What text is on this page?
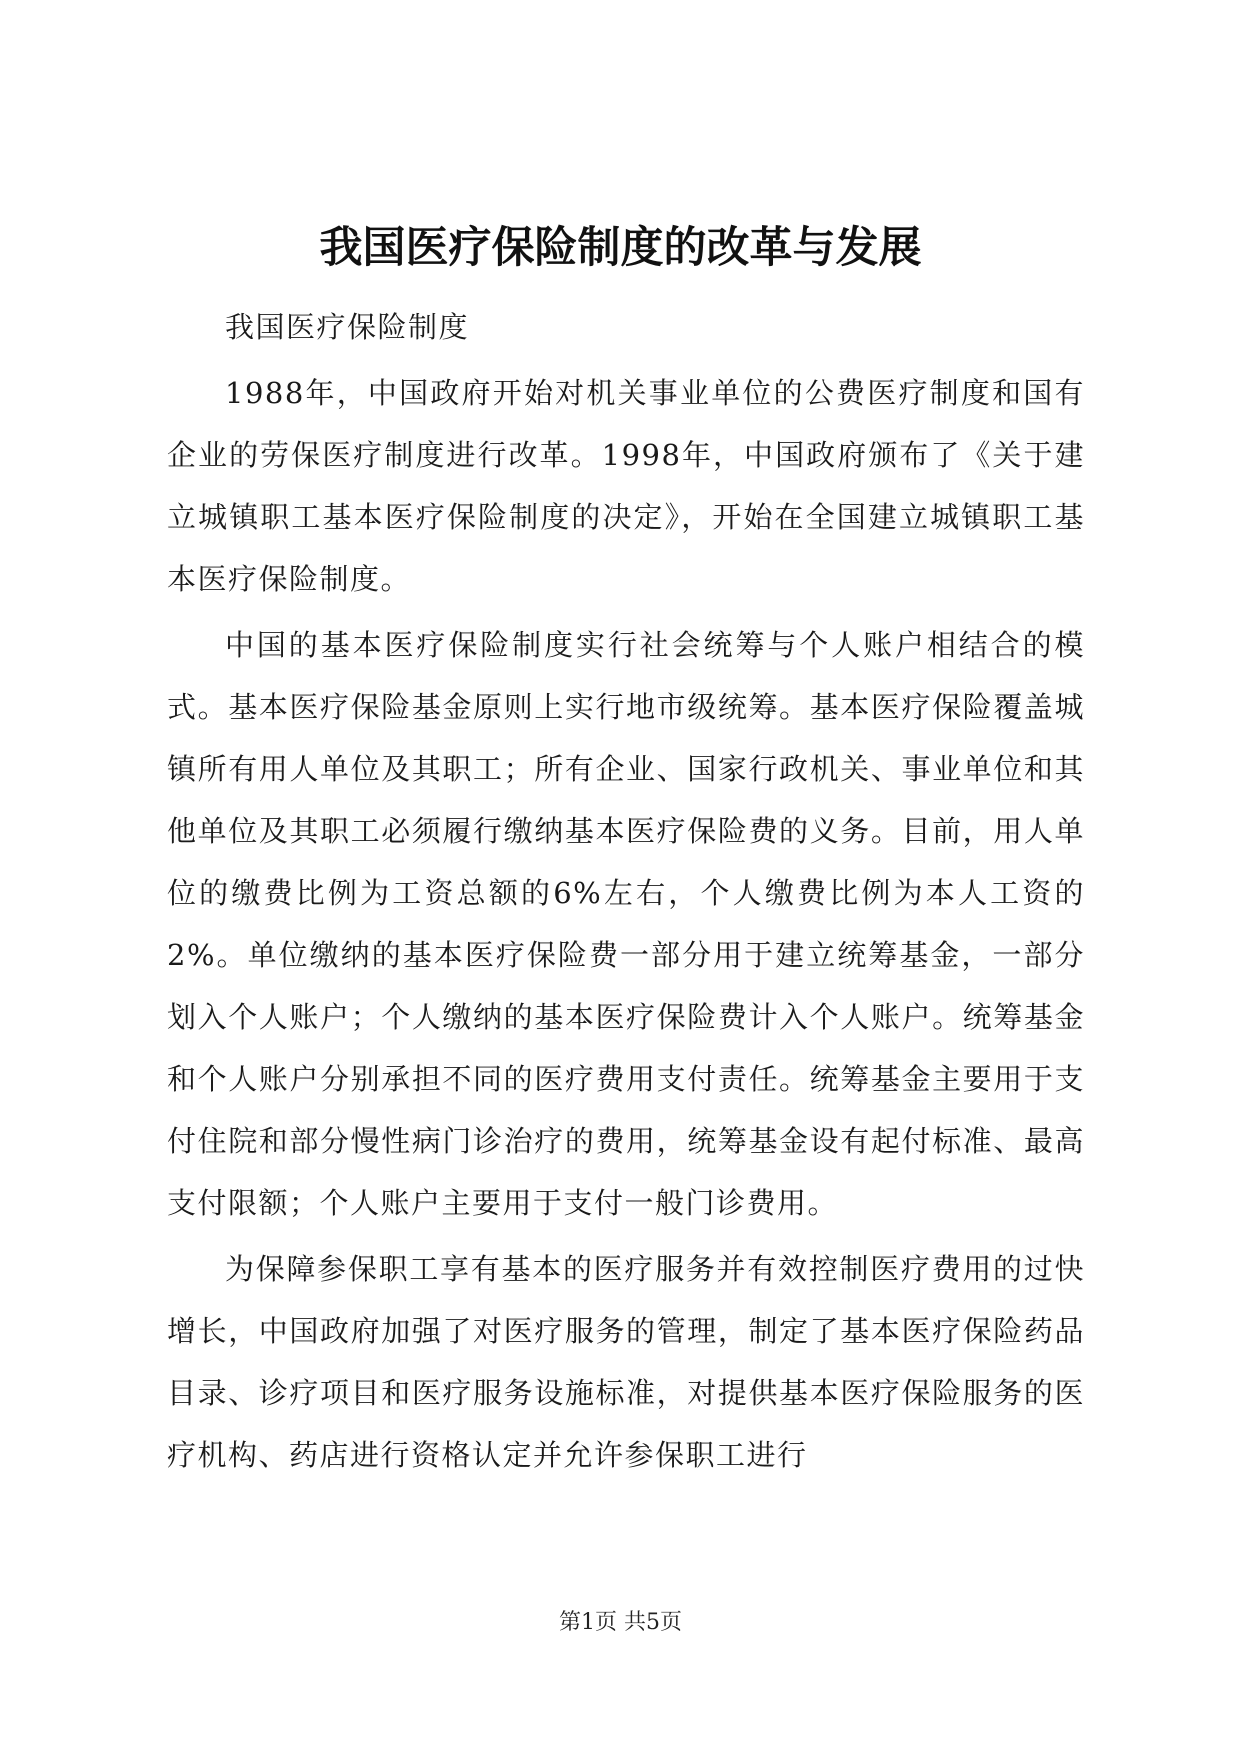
我国医疗保险制度的改革与发展

我国医疗保险制度

1988年，中国政府开始对机关事业单位的公费医疗制度和国有企业的劳保医疗制度进行改革。1998年，中国政府颁布了《关于建立城镇职工基本医疗保险制度的决定》，开始在全国建立城镇职工基本医疗保险制度。

中国的基本医疗保险制度实行社会统筹与个人账户相结合的模式。基本医疗保险基金原则上实行地市级统筹。基本医疗保险覆盖城镇所有用人单位及其职工；所有企业、国家行政机关、事业单位和其他单位及其职工必须履行缴纳基本医疗保险费的义务。目前，用人单位的缴费比例为工资总额的6%左右，个人缴费比例为本人工资的2%。单位缴纳的基本医疗保险费一部分用于建立统筹基金，一部分划入个人账户；个人缴纳的基本医疗保险费计入个人账户。统筹基金和个人账户分别承担不同的医疗费用支付责任。统筹基金主要用于支付住院和部分慢性病门诊治疗的费用，统筹基金设有起付标准、最高支付限额；个人账户主要用于支付一般门诊费用。

为保障参保职工享有基本的医疗服务并有效控制医疗费用的过快增长，中国政府加强了对医疗服务的管理，制定了基本医疗保险药品目录、诊疗项目和医疗服务设施标准，对提供基本医疗保险服务的医疗机构、药店进行资格认定并允许参保职工进行

第1页 共5页
